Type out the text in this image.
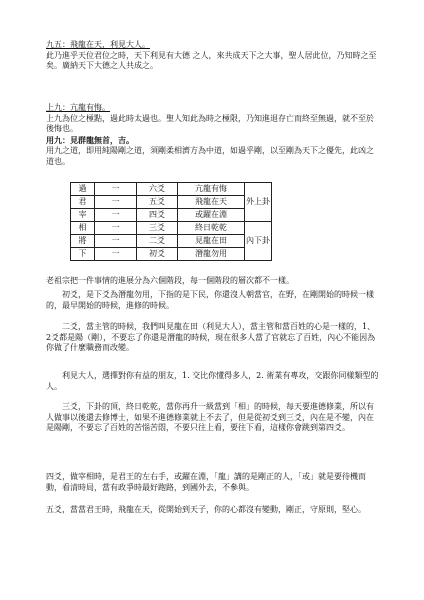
九五：飛龍在天，利見大人。
此乃進乎天位君位之時，天下利見有大德 之人，來共成天下之大事，聖人居此位，乃知時之至矣。廣納天下大德之人共成之。

上九：亢龍有悔。
上九為位之極點，過此時太過也。聖人知此為時之極限，乃知進退存亡而終至無過，就不至於後悔也。
用九：見群龍無首，吉。
用九之道，即用純陽剛之道，須剛柔相濟方為中道，如過乎剛，以至剛為天下之優先，此凶之道也。

過	一	六爻	亢龍有悔	外上卦
君	一	五爻	飛龍在天	
宰	一	四爻	或躍在淵	
相	一	三爻	終日乾乾	內下卦
將	一	二爻	見龍在田	
下	一	初爻	潛龍勿用	

老祖宗把一件事情的進展分為六個階段，每一個階段的層次都不一樣。

初爻，是下爻為潛龍勿用，下指的是下民，你還沒人朝當官，在野，在剛開始的時候一樣的，最早開始的時候，進修的時候。

二爻，當主管的時候，我們叫見龍在田（利見大人），當主管和當百姓的心是一樣的，1、2爻都是陽（剛），不要忘了你還是潛龍的時候，現在很多人當了官就忘了百姓，內心不能因為你做了什麼職務而改變。

利見大人，選擇對你有益的朋友，1. 交比你懂得多人，2. 術業有專攻，交跟你同樣類型的人。

三爻，下卦的頂，終日乾乾，當你再升一級當到「相」的時候，每天要進德修業，所以有人做事以後還去修博士，如果不進德修業就上不去了，但是從初爻到三爻，內在是不變，內在是陽剛，不要忘了百姓的苦惱苦悶，不要只往上看，要往下看，這樣你會跳到第四爻。

四爻，做宰相時，是君王的左右手，或躍在淵，「龍」講的是剛正的人，「或」就是要待機而動，看清時局，當有政爭時最好跑路，到國外去，不參與。

五爻，當當君王時，飛龍在天，從開始到天子，你的心都沒有變動，剛正，守原則，堅心。
